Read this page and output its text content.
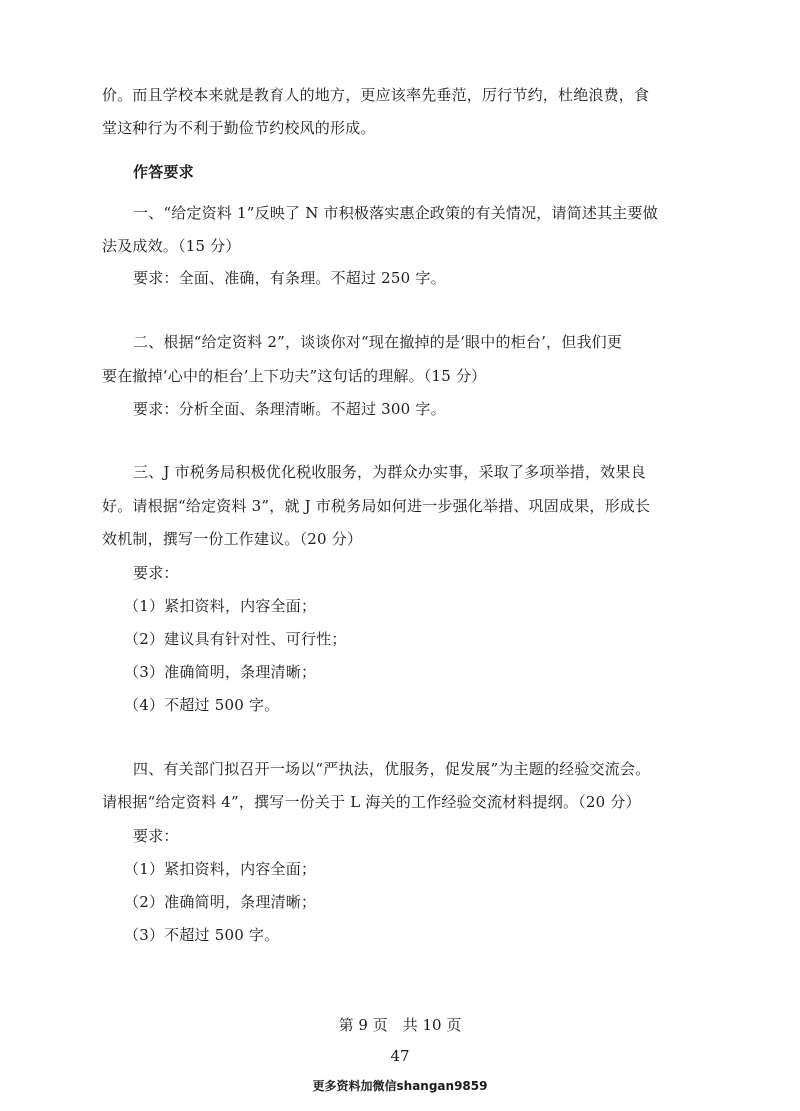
价。而且学校本来就是教育人的地方，更应该率先垂范，厉行节约，杜绝浪费，食
堂这种行为不利于勤俭节约校风的形成。
作答要求
一、“给定资料 1”反映了 N 市积极落实惠企政策的有关情况，请简述其主要做
法及成效。（15 分）
要求：全面、准确，有条理。不超过 250 字。
二、根据“给定资料 2”，谈谈你对“现在撤掉的是‘眼中的柜台’，但我们更
要在撤掉‘心中的柜台’上下功夫”这句话的理解。（15 分）
要求：分析全面、条理清晰。不超过 300 字。
三、J 市税务局积极优化税收服务，为群众办实事，采取了多项举措，效果良
好。请根据“给定资料 3”，就 J 市税务局如何进一步强化举措、巩固成果，形成长
效机制，撰写一份工作建议。（20 分）
要求：
（1）紧扣资料，内容全面；
（2）建议具有针对性、可行性；
（3）准确简明，条理清晰；
（4）不超过 500 字。
四、有关部门拟召开一场以“严执法，优服务，促发展”为主题的经验交流会。
请根据“给定资料 4”，撰写一份关于 L 海关的工作经验交流材料提纲。（20 分）
要求：
（1）紧扣资料，内容全面；
（2）准确简明，条理清晰；
（3）不超过 500 字。
第 9 页　共 10 页
47
更多资料加微信shangan9859
